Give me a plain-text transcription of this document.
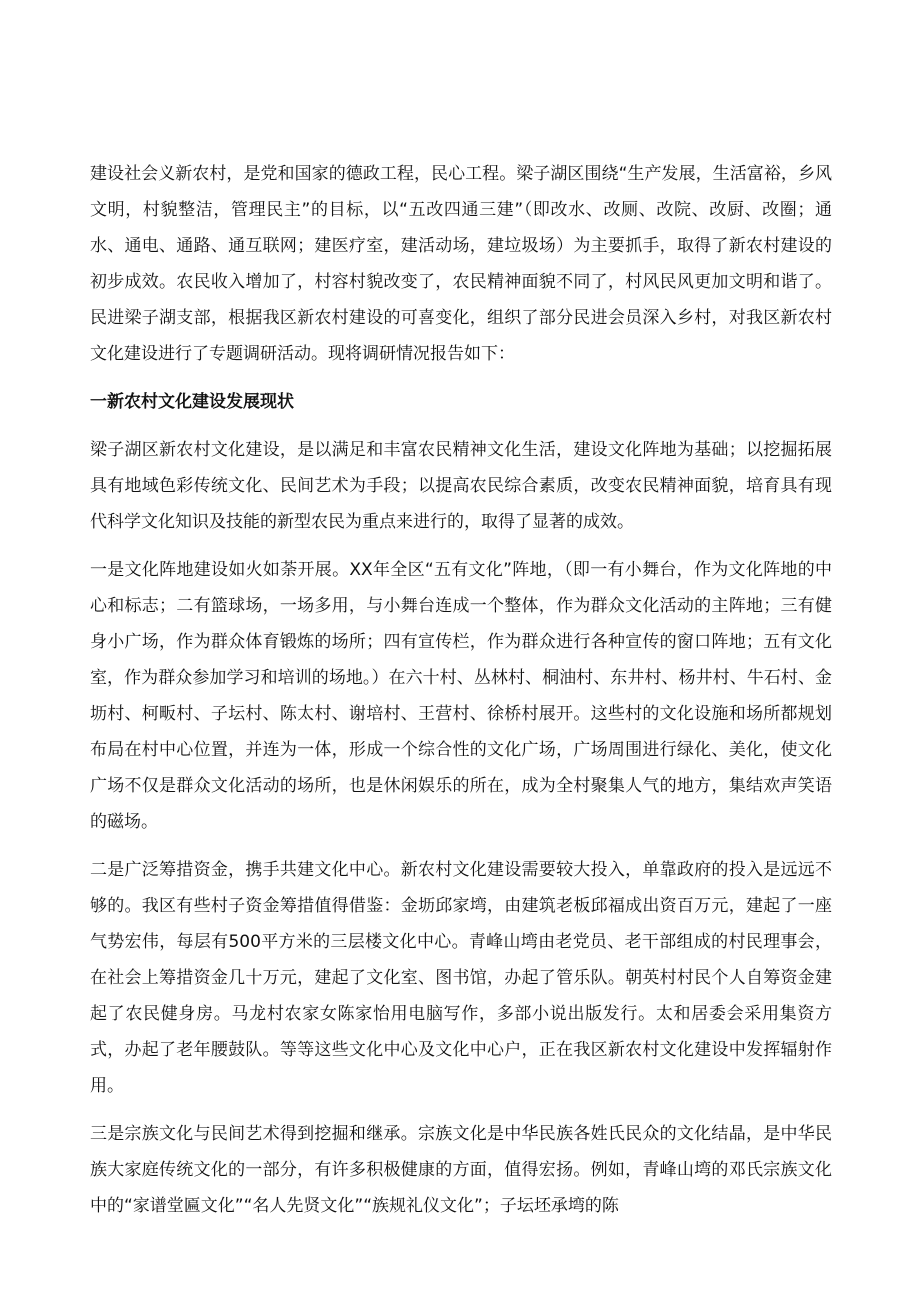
建设社会义新农村，是党和国家的德政工程，民心工程。梁子湖区围绕“生产发展，生活富裕，乡风文明，村貌整洁，管理民主”的目标，以“五改四通三建”（即改水、改厕、改院、改厨、改圈；通水、通电、通路、通互联网；建医疗室，建活动场，建垃圾场）为主要抓手，取得了新农村建设的初步成效。农民收入增加了，村容村貌改变了，农民精神面貌不同了，村风民风更加文明和谐了。民进梁子湖支部，根据我区新农村建设的可喜变化，组织了部分民进会员深入乡村，对我区新农村文化建设进行了专题调研活动。现将调研情况报告如下：

一新农村文化建设发展现状

梁子湖区新农村文化建设，是以满足和丰富农民精神文化生活，建设文化阵地为基础；以挖掘拓展具有地域色彩传统文化、民间艺术为手段；以提高农民综合素质，改变农民精神面貌，培育具有现代科学文化知识及技能的新型农民为重点来进行的，取得了显著的成效。

一是文化阵地建设如火如荼开展。XX年全区“五有文化”阵地，（即一有小舞台，作为文化阵地的中心和标志；二有篮球场，一场多用，与小舞台连成一个整体，作为群众文化活动的主阵地；三有健身小广场，作为群众体育锻炼的场所；四有宣传栏，作为群众进行各种宣传的窗口阵地；五有文化室，作为群众参加学习和培训的场地。）在六十村、丛林村、桐油村、东井村、杨井村、牛石村、金坜村、柯畈村、子坛村、陈太村、谢培村、王营村、徐桥村展开。这些村的文化设施和场所都规划布局在村中心位置，并连为一体，形成一个综合性的文化广场，广场周围进行绿化、美化，使文化广场不仅是群众文化活动的场所，也是休闲娱乐的所在，成为全村聚集人气的地方，集结欢声笑语的磁场。

二是广泛筹措资金，携手共建文化中心。新农村文化建设需要较大投入，单靠政府的投入是远远不够的。我区有些村子资金筹措值得借鉴：金坜邱家塆，由建筑老板邱福成出资百万元，建起了一座气势宏伟，每层有500平方米的三层楼文化中心。青峰山塆由老党员、老干部组成的村民理事会，在社会上筹措资金几十万元，建起了文化室、图书馆，办起了管乐队。朝英村村民个人自筹资金建起了农民健身房。马龙村农家女陈家怡用电脑写作，多部小说出版发行。太和居委会采用集资方式，办起了老年腰鼓队。等等这些文化中心及文化中心户，正在我区新农村文化建设中发挥辐射作用。

三是宗族文化与民间艺术得到挖掘和继承。宗族文化是中华民族各姓氏民众的文化结晶，是中华民族大家庭传统文化的一部分，有许多积极健康的方面，值得宏扬。例如，青峰山塆的邓氏宗族文化中的“家谱堂匾文化”“名人先贤文化”“族规礼仪文化”；子坛坯承塆的陈
